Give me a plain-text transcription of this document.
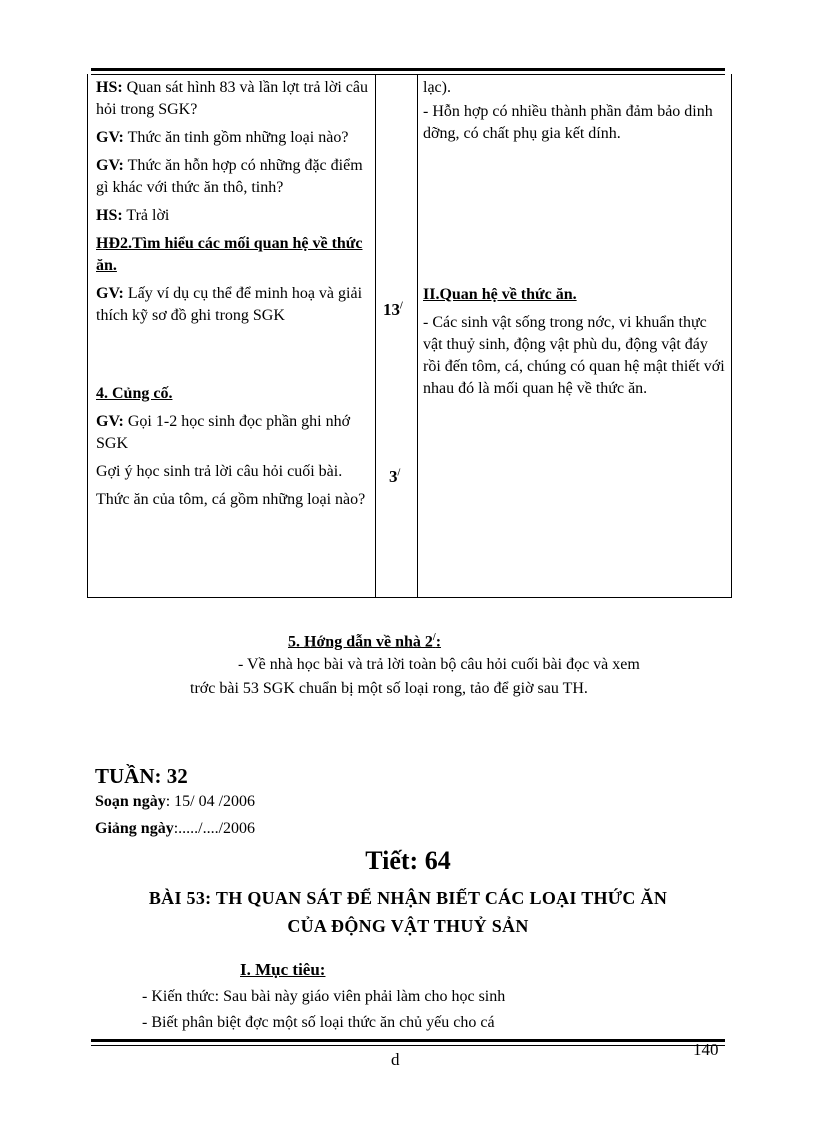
HS: Quan sát hình 83 và lần lợt trả lời câu hỏi trong SGK?

GV: Thức ăn tinh gồm những loại nào?

GV: Thức ăn hỗn hợp có những đặc điểm gì khác với thức ăn thô, tinh?

HS: Trả lời

HĐ2.Tìm hiểu các mối quan hệ về thức ăn.

GV: Lấy ví dụ cụ thể để minh hoạ và giải thích kỹ sơ đồ ghi trong SGK

4. Củng cố.

GV: Gọi 1-2 học sinh đọc phần ghi nhớ SGK

Gợi ý học sinh trả lời câu hỏi cuối bài.

Thức ăn của tôm, cá gồm những loại nào?

13/
3/

lạc).

- Hỗn hợp có nhiều thành phần đảm bảo dinh dỡng, có chất phụ gia kết dính.

II.Quan hệ về thức ăn.

- Các sinh vật sống trong nớc, vi khuẩn thực vật thuỷ sinh, động vật phù du, động vật đáy rồi đến tôm, cá, chúng có quan hệ mật thiết với nhau đó là mối quan hệ về thức ăn.

5. Hớng dẫn về nhà 2/:
- Về nhà học bài và trả lời toàn bộ câu hỏi cuối bài đọc và xem
trớc bài 53 SGK chuẩn bị một số loại rong, tảo để giờ sau TH.
TUẦN: 32
Soạn ngày: 15/ 04 /2006
Giảng ngày:...../..../2006
Tiết: 64
BÀI 53: TH QUAN SÁT ĐỂ NHẬN BIẾT CÁC LOẠI THỨC ĂN
CỦA ĐỘNG VẬT THUỶ SẢN
I. Mục tiêu:
- Kiến thức: Sau bài này giáo viên phải làm cho học sinh
- Biết phân biệt đợc một số loại thức ăn chủ yếu cho cá
d
140
